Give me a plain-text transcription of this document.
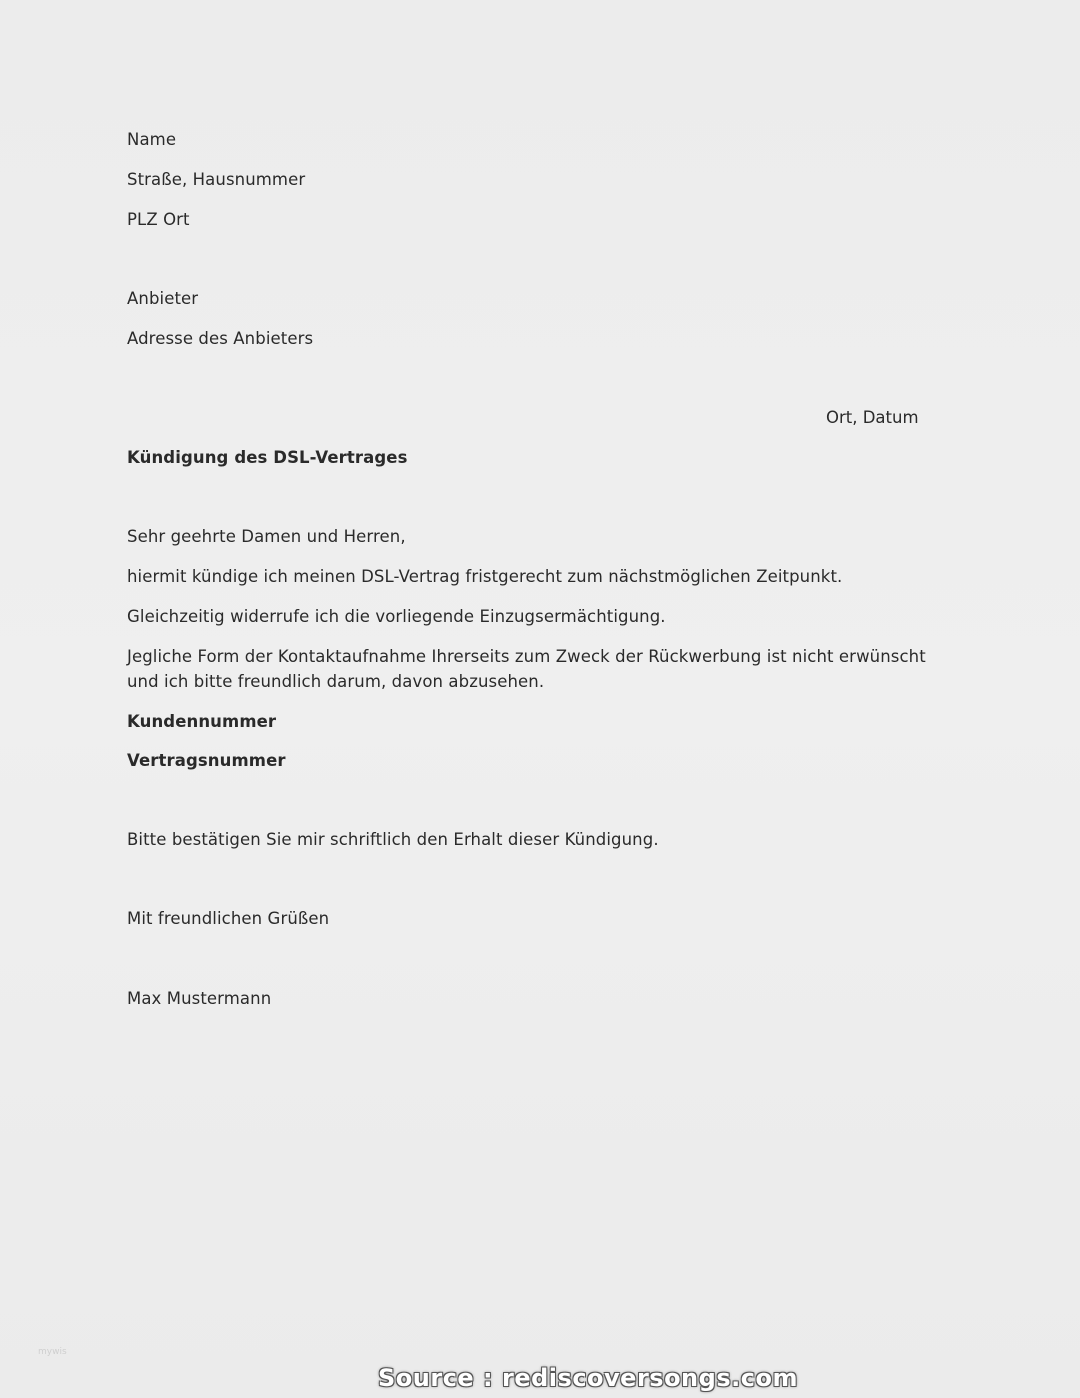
Name
Straße, Hausnummer
PLZ Ort
Anbieter
Adresse des Anbieters
Ort, Datum
Kündigung des DSL-Vertrages
Sehr geehrte Damen und Herren,
hiermit kündige ich meinen DSL-Vertrag fristgerecht zum nächstmöglichen Zeitpunkt.
Gleichzeitig widerrufe ich die vorliegende Einzugsermächtigung.
Jegliche Form der Kontaktaufnahme Ihrerseits zum Zweck der Rückwerbung ist nicht erwünscht und ich bitte freundlich darum, davon abzusehen.
Kundennummer
Vertragsnummer
Bitte bestätigen Sie mir schriftlich den Erhalt dieser Kündigung.
Mit freundlichen Grüßen
Max Mustermann
mywis
Source : rediscoversongs.com
